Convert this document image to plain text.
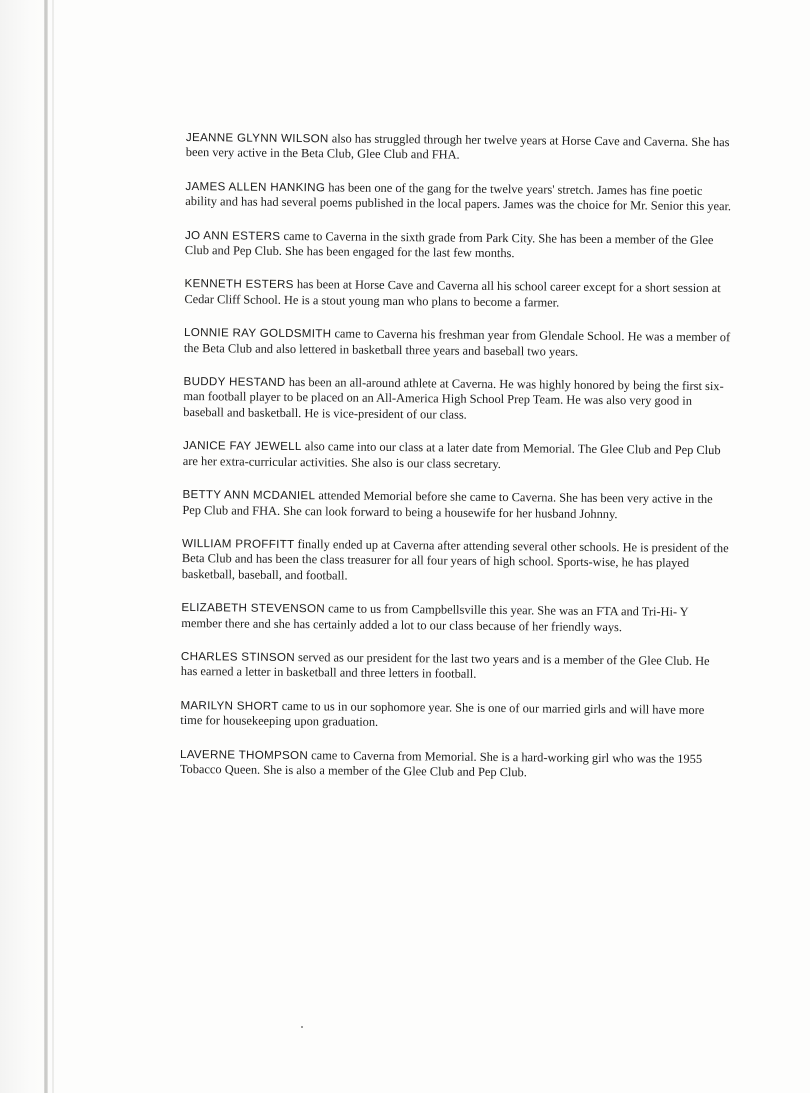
JEANNE GLYNN WILSON also has struggled through her twelve years at Horse Cave and Caverna. She has been very active in the Beta Club, Glee Club and FHA.

JAMES ALLEN HANKING has been one of the gang for the twelve years' stretch. James has fine poetic ability and has had several poems published in the local papers. James was the choice for Mr. Senior this year.

JO ANN ESTERS came to Caverna in the sixth grade from Park City. She has been a member of the Glee Club and Pep Club. She has been engaged for the last few months.

KENNETH ESTERS has been at Horse Cave and Caverna all his school career except for a short session at Cedar Cliff School. He is a stout young man who plans to become a farmer.

LONNIE RAY GOLDSMITH came to Caverna his freshman year from Glendale School. He was a member of the Beta Club and also lettered in basketball three years and baseball two years.

BUDDY HESTAND has been an all-around athlete at Caverna. He was highly honored by being the first six-man football player to be placed on an All-America High School Prep Team. He was also very good in baseball and basketball. He is vice-president of our class.

JANICE FAY JEWELL also came into our class at a later date from Memorial. The Glee Club and Pep Club are her extra-curricular activities. She also is our class secretary.

BETTY ANN MCDANIEL attended Memorial before she came to Caverna. She has been very active in the Pep Club and FHA. She can look forward to being a housewife for her husband Johnny.

WILLIAM PROFFITT finally ended up at Caverna after attending several other schools. He is president of the Beta Club and has been the class treasurer for all four years of high school. Sports-wise, he has played basketball, baseball, and football.

ELIZABETH STEVENSON came to us from Campbellsville this year. She was an FTA and Tri-Hi- Y member there and she has certainly added a lot to our class because of her friendly ways.

CHARLES STINSON served as our president for the last two years and is a member of the Glee Club. He has earned a letter in basketball and three letters in football.

MARILYN SHORT came to us in our sophomore year. She is one of our married girls and will have more time for housekeeping upon graduation.

LAVERNE THOMPSON came to Caverna from Memorial. She is a hard-working girl who was the 1955 Tobacco Queen. She is also a member of the Glee Club and Pep Club.
